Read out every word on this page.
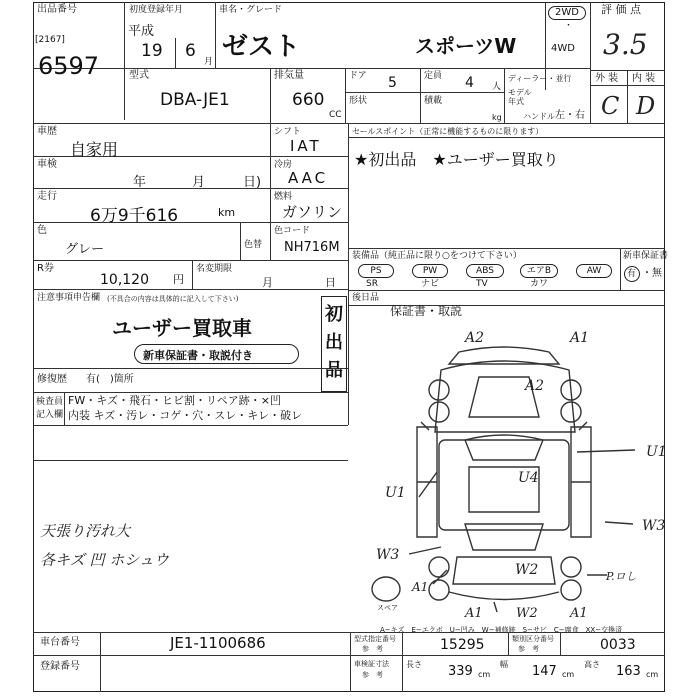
出品番号
[2167]
6597
初度登録年月
平成
19 6
月
車名・グレード
ゼスト	スポーツW
2WD
・
4WD
評 価 点
3.5
外 装 内 装
C D
型式
DBA-JE1
排気量
660
CC
ドア 5	定員 4 人
形状	積載
kg
ディーラー・並行
モデル年式
ハンドル 左・右
車歴
自家用
シフト
IAT
車検
年	月	日)
冷房
AAC
走行
6万9千616	km
燃料
ガソリン
色
グレー	色替
色コード
NH716M
R券
10,120 円
名変期限
月	日
注意事項申告欄 (不具合の内容は具体的に記入して下さい)
ユーザー買取車
新車保証書・取説付き
初出品
修復歴 有(　)箇所
検査員
記入欄
FW・キズ・飛石・ヒビ割・リペア跡・×凹
内装 キズ・汚レ・コゲ・穴・スレ・キレ・破レ
天張り汚れ大
各キズ 凹 ホシュウ
セールスポイント（正常に機能するものに限ります）
★初出品　★ユーザー買取り
装備品（純正品に限り○をつけて下さい）	新車保証書
PS	PW	ABS	エアB	AW
SR	ナビ	TV	カワ
有 ・無
後日品
保証書・取説
A2	A1
A2
U1
U4
U1
W3
W3
A1
W2	P.ロし
A1	W2 A1
スペア
A−キズ　E−エクボ　U−凹み　W−補修跡　S−サビ　C−腐食　XX−交換済
車台番号	JE1-1100686
登録番号
型式指定番号
参　考	15295	類別区分番号
参　考	0033
車検証寸法
参　考
長さ 339 cm
幅 147 cm
高さ 163 cm
